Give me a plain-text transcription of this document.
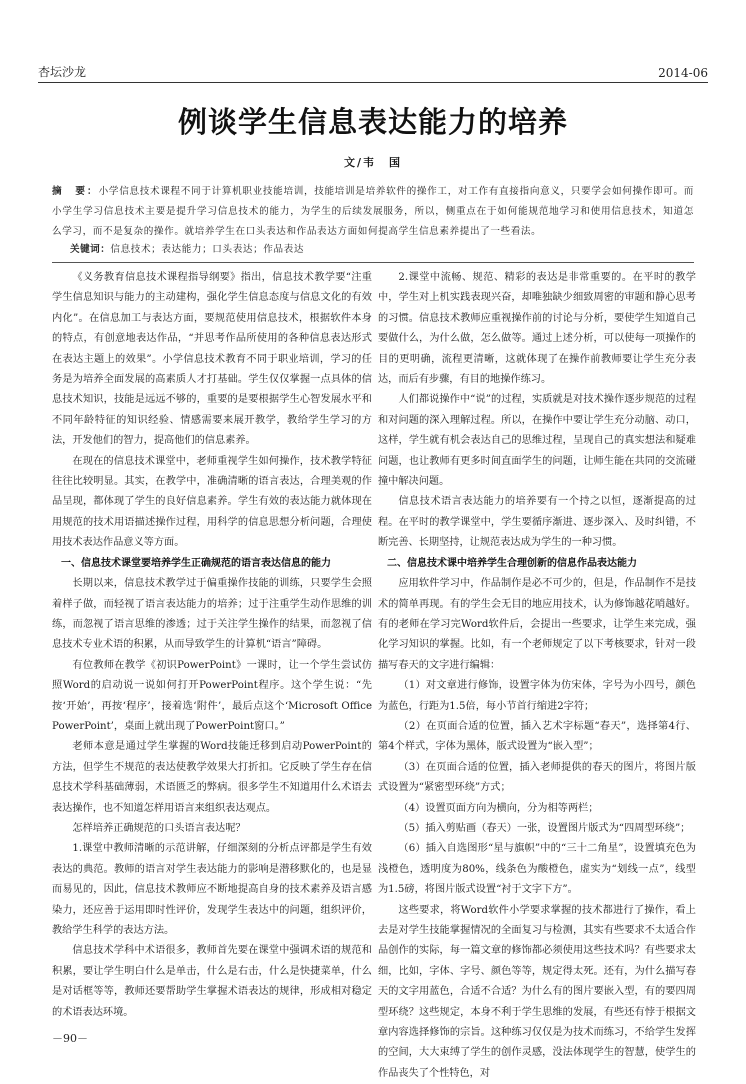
杏坛沙龙	2014-06
例谈学生信息表达能力的培养
文/韦　国
摘　要：小学信息技术课程不同于计算机职业技能培训，技能培训是培养软件的操作工，对工作有直接指向意义，只要学会如何操作即可。而小学生学习信息技术主要是提升学习信息技术的能力，为学生的后续发展服务，所以，侧重点在于如何能规范地学习和使用信息技术，知道怎么学习，而不是复杂的操作。就培养学生在口头表达和作品表达方面如何提高学生信息素养提出了一些看法。
关键词：信息技术；表达能力；口头表达；作品表达

《义务教育信息技术课程指导纲要》指出，信息技术教学要“注重学生信息知识与能力的主动建构，强化学生信息态度与信息文化的有效内化”。在信息加工与表达方面，要规范使用信息技术，根据软件本身的特点，有创意地表达作品，“并思考作品所使用的各种信息表达形式在表达主题上的效果”。小学信息技术教育不同于职业培训，学习的任务是为培养全面发展的高素质人才打基础。学生仅仅掌握一点具体的信息技术知识，技能是远远不够的，重要的是要根据学生心智发展水平和不同年龄特征的知识经验、情感需要来展开教学，教给学生学习的方法，开发他们的智力，提高他们的信息素养。

在现在的信息技术课堂中，老师重视学生如何操作，技术教学特征往往比较明显。其实，在教学中，准确清晰的语言表达，合理美观的作品呈现，都体现了学生的良好信息素养。学生有效的表达能力就体现在用规范的技术用语描述操作过程，用科学的信息思想分析问题，合理使用技术表达作品意义等方面。

一、信息技术课堂要培养学生正确规范的语言表达信息的能力

长期以来，信息技术教学过于偏重操作技能的训练，只要学生会照着样子做，而轻视了语言表达能力的培养；过于注重学生动作思维的训练，而忽视了语言思维的渗透；过于关注学生操作的结果，而忽视了信息技术专业术语的积累，从而导致学生的计算机“语言”障碍。

有位教师在教学《初识PowerPoint》一课时，让一个学生尝试仿照Word的启动说一说如何打开PowerPoint程序。这个学生说：“先按‘开始’，再按‘程序’，接着选‘附件’，最后点这个‘Microsoft Office PowerPoint’，桌面上就出现了PowerPoint窗口。”

老师本意是通过学生掌握的Word技能迁移到启动PowerPoint的方法，但学生不规范的表达使教学效果大打折扣。它反映了学生存在信息技术学科基础薄弱，术语匮乏的弊病。很多学生不知道用什么术语去表达操作，也不知道怎样用语言来组织表达观点。

怎样培养正确规范的口头语言表达呢？

1.课堂中教师清晰的示范讲解，仔细深刻的分析点评都是学生有效表达的典范。教师的语言对学生表达能力的影响是潜移默化的，也是显而易见的，因此，信息技术教师应不断地提高自身的技术素养及语言感染力，还应善于运用即时性评价，发现学生表达中的问题，组织评价，教给学生科学的表达方法。

信息技术学科中术语很多，教师首先要在课堂中强调术语的规范和积累，要让学生明白什么是单击，什么是右击，什么是快捷菜单，什么是对话框等等，教师还要帮助学生掌握术语表达的规律，形成相对稳定的术语表达环境。

2.课堂中流畅、规范、精彩的表达是非常重要的。在平时的教学中，学生对上机实践表现兴奋，却唯独缺少细致周密的审题和静心思考的习惯。信息技术教师应重视操作前的讨论与分析，要使学生知道自己要做什么，为什么做，怎么做等。通过上述分析，可以使每一项操作的目的更明确，流程更清晰，这就体现了在操作前教师要让学生充分表达，而后有步骤，有目的地操作练习。

人们都说操作中“说”的过程，实质就是对技术操作逐步规范的过程和对问题的深入理解过程。所以，在操作中要让学生充分动脑、动口，这样，学生就有机会表达自己的思维过程，呈现自己的真实想法和疑难问题，也让教师有更多时间直面学生的问题，让师生能在共同的交流碰撞中解决问题。

信息技术语言表达能力的培养要有一个持之以恒，逐渐提高的过程。在平时的教学课堂中，学生要循序渐进、逐步深入、及时纠错，不断完善、长期坚持，让规范表达成为学生的一种习惯。

二、信息技术课中培养学生合理创新的信息作品表达能力

应用软件学习中，作品制作是必不可少的，但是，作品制作不是技术的简单再现。有的学生会无目的地应用技术，认为修饰越花哨越好。有的老师在学习完Word软件后，会提出一些要求，让学生来完成，强化学习知识的掌握。比如，有一个老师规定了以下考核要求，针对一段描写春天的文字进行编辑：

（1）对文章进行修饰，设置字体为仿宋体，字号为小四号，颜色为蓝色，行距为1.5倍，每小节首行缩进2字符；

（2）在页面合适的位置，插入艺术字标题“春天”，选择第4行、第4个样式，字体为黑体，版式设置为“嵌入型”；

（3）在页面合适的位置，插入老师提供的春天的图片，将图片版式设置为“紧密型环绕”方式；

（4）设置页面方向为横向，分为相等两栏；

（5）插入剪贴画（春天）一张，设置图片版式为“四周型环绕”；

（6）插入自选图形“星与旗帜”中的“三十二角星”，设置填充色为浅橙色，透明度为80%，线条色为酸橙色，虚实为“划线一点”，线型为1.5磅，将图片版式设置“衬于文字下方”。

这些要求，将Word软件小学要求掌握的技术都进行了操作，看上去是对学生技能掌握情况的全面复习与检测，其实有些要求不太适合作品创作的实际，每一篇文章的修饰都必须使用这些技术吗？有些要求太细，比如，字体、字号、颜色等等，规定得太死。还有，为什么描写春天的文字用蓝色，合适不合适？为什么有的图片要嵌入型，有的要四周型环绕？这些规定，本身不利于学生思维的发展，有些还有悖于根据文章内容选择修饰的宗旨。这种练习仅仅是为技术而练习，不给学生发挥的空间，大大束缚了学生的创作灵感，没法体现学生的智慧，使学生的作品丧失了个性特色，对

－90－
